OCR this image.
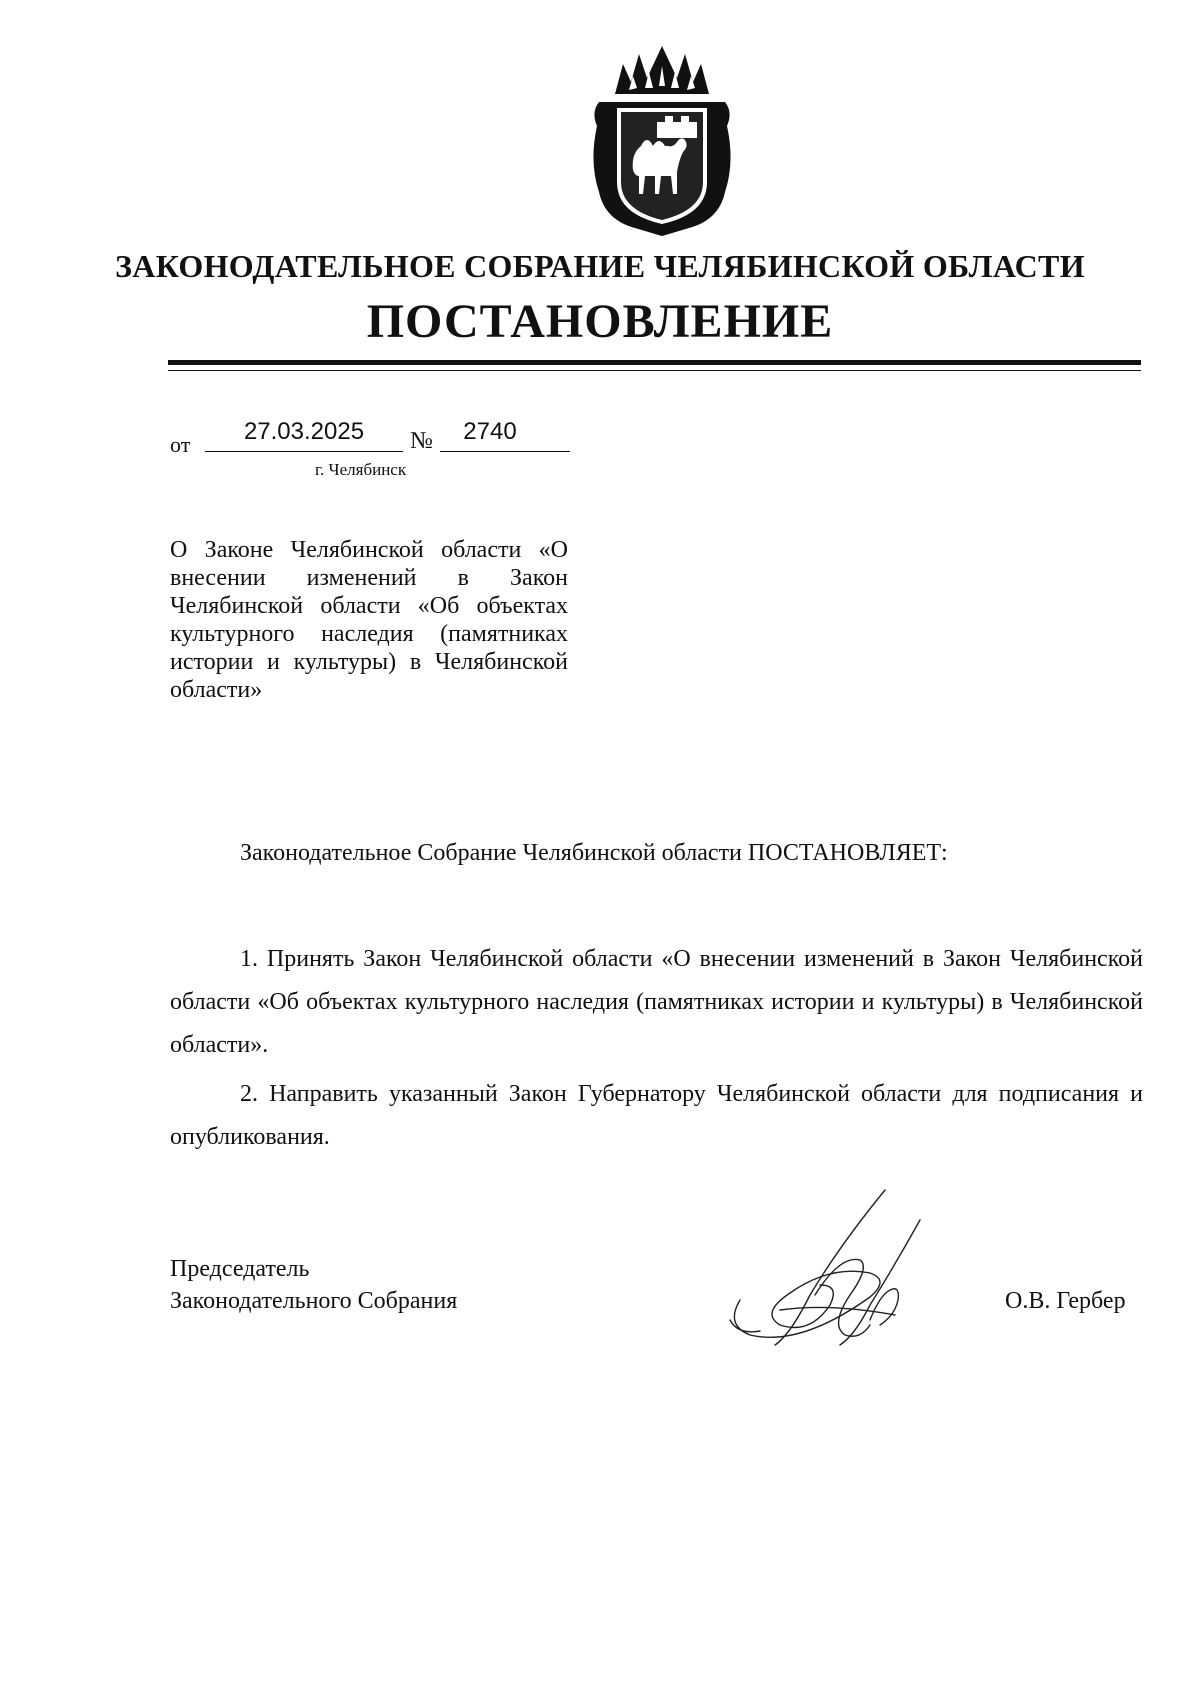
ЗАКОНОДАТЕЛЬНОЕ СОБРАНИЕ ЧЕЛЯБИНСКОЙ ОБЛАСТИ
ПОСТАНОВЛЕНИЕ
от	27.03.2025	№	2740
г. Челябинск

О Законе Челябинской области «О внесении изменений в Закон Челябинской области «Об объектах культурного наследия (памятниках истории и культуры) в Челябинской области»

Законодательное Собрание Челябинской области ПОСТАНОВЛЯЕТ:

1. Принять Закон Челябинской области «О внесении изменений в Закон Челябинской области «Об объектах культурного наследия (памятниках истории и культуры) в Челябинской области».

2. Направить указанный Закон Губернатору Челябинской области для подписания и опубликования.

Председатель
Законодательного Собрания	О.В. Гербер
